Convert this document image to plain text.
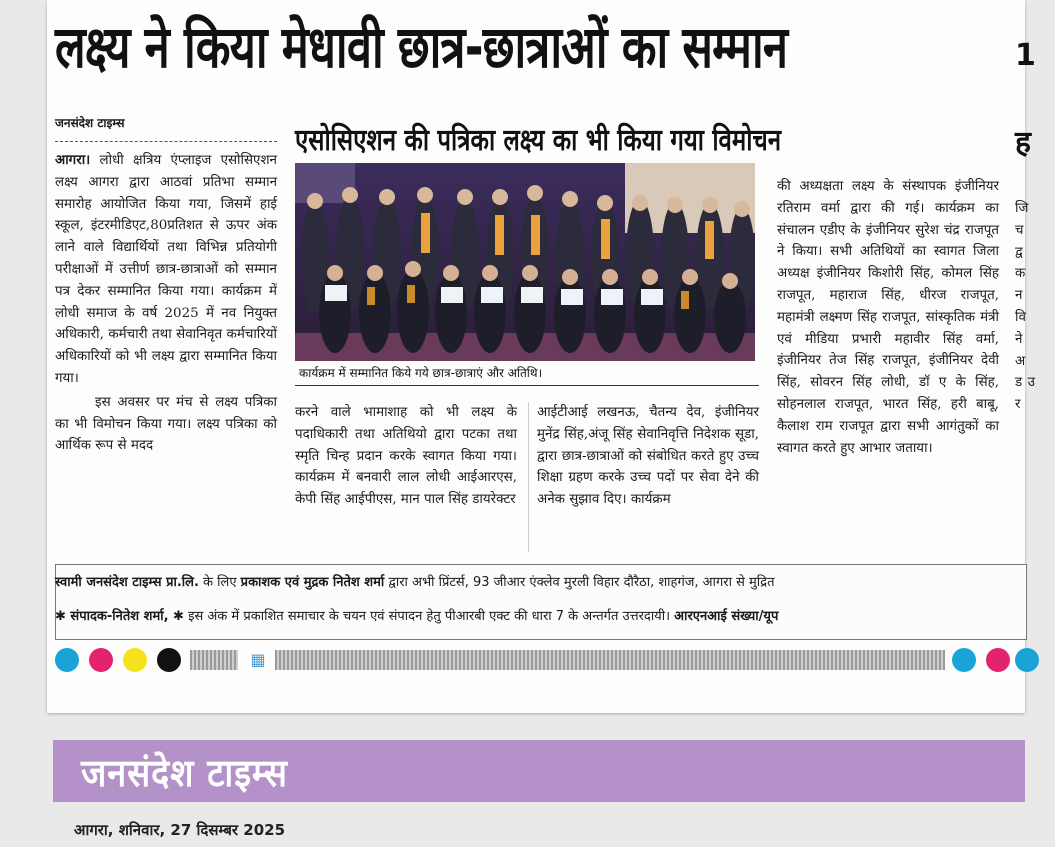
लक्ष्य ने किया मेधावी छात्र-छात्राओं का सम्मान	1
ह
जनसंदेश टाइम्स	एसोसिएशन की पत्रिका लक्ष्य का भी किया गया विमोचन

आगरा। लोधी क्षत्रिय एंप्लाइज एसोसिएशन लक्ष्य आगरा द्वारा आठवां प्रतिभा सम्मान समारोह आयोजित किया गया, जिसमें हाई स्कूल, इंटरमीडिएट,80प्रतिशत से ऊपर अंक लाने वाले विद्यार्थियों तथा विभिन्न प्रतियोगी परीक्षाओं में उत्तीर्ण छात्र-छात्राओं को सम्मान पत्र देकर सम्मानित किया गया। कार्यक्रम में लोधी समाज के वर्ष 2025 में नव नियुक्त अधिकारी, कर्मचारी तथा सेवानिवृत कर्मचारियों अधिकारियों को भी लक्ष्य द्वारा सम्मानित किया गया।

इस अवसर पर मंच से लक्ष्य पत्रिका का भी विमोचन किया गया। लक्ष्य पत्रिका को आर्थिक रूप से मदद

कार्यक्रम में सम्मानित किये गये छात्र-छात्राएं और अतिथि।
करने वाले भामाशाह को भी लक्ष्य के पदाधिकारी तथा अतिथियो द्वारा पटका तथा स्मृति चिन्ह प्रदान करके स्वागत किया गया। कार्यक्रम में बनवारी लाल लोधी आईआरएस, केपी सिंह आईपीएस, मान पाल सिंह डायरेक्टर
आईटीआई लखनऊ, चैतन्य देव, इंजीनियर मुनेंद्र सिंह,अंजू सिंह सेवानिवृत्ति निदेशक सूडा, द्वारा छात्र-छात्राओं को संबोधित करते हुए उच्च शिक्षा ग्रहण करके उच्च पदों पर सेवा देने की अनेक सुझाव दिए। कार्यक्रम
की अध्यक्षता लक्ष्य के संस्थापक इंजीनियर रतिराम वर्मा द्वारा की गई। कार्यक्रम का संचालन एडीए के इंजीनियर सुरेश चंद्र राजपूत ने किया। सभी अतिथियों का स्वागत जिला अध्यक्ष इंजीनियर किशोरी सिंह, कोमल सिंह राजपूत, महाराज सिंह, धीरज राजपूत, महामंत्री लक्ष्मण सिंह राजपूत, सांस्कृतिक मंत्री एवं मीडिया प्रभारी महावीर सिंह वर्मा, इंजीनियर तेज सिंह राजपूत, इंजीनियर देवी सिंह, सोवरन सिंह लोधी, डॉ ए के सिंह, सोहनलाल राजपूत, भारत सिंह, हरी बाबू, कैलाश राम राजपूत द्वारा सभी आगंतुकों का स्वागत करते हुए आभार जताया।
जि च द्व क न वि ने अ ड उ र
स्वामी जनसंदेश टाइम्स प्रा.लि. के लिए प्रकाशक एवं मुद्रक नितेश शर्मा द्वारा अभी प्रिंटर्स, 93 जीआर एंक्लेव मुरली विहार दौरैठा, शाहगंज, आगरा से मुद्रित
✱ संपादक-नितेश शर्मा, ✱ इस अंक में प्रकाशित समाचार के चयन एवं संपादन हेतु पीआरबी एक्ट की धारा 7 के अन्तर्गत उत्तरदायी। आरएनआई संख्या/यूप
▦
जनसंदेश टाइम्स
आगरा, शनिवार, 27 दिसम्बर 2025
